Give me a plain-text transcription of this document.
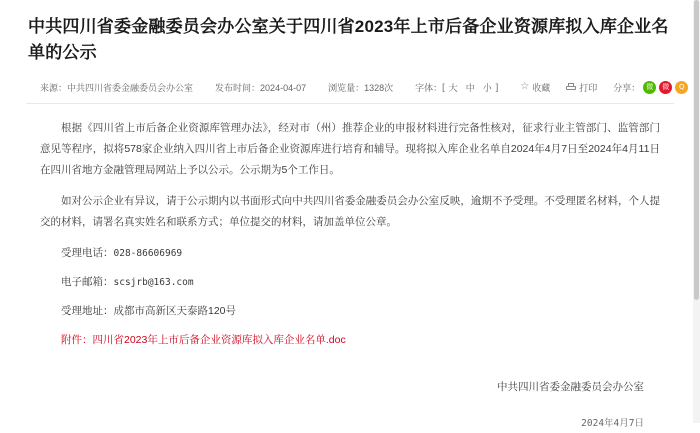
中共四川省委金融委员会办公室关于四川省2023年上市后备企业资源库拟入库企业名单的公示
来源：中共四川省委金融委员会办公室 发布时间：2024-04-07 浏览量：1328次 字体： [ 大 中 小 ] ☆ 收藏	打印 分享： 微	微	Q

根据《四川省上市后备企业资源库管理办法》，经对市（州）推荐企业的申报材料进行完备性核对，征求行业主管部门、监管部门意见等程序，拟将578家企业纳入四川省上市后备企业资源库进行培育和辅导。现将拟入库企业名单自2024年4月7日至2024年4月11日在四川省地方金融管理局网站上予以公示。公示期为5个工作日。

如对公示企业有异议，请于公示期内以书面形式向中共四川省委金融委员会办公室反映，逾期不予受理。不受理匿名材料，个人提交的材料，请署名真实姓名和联系方式；单位提交的材料，请加盖单位公章。

受理电话：028-86606969

电子邮箱：scsjrb@163.com

受理地址：成都市高新区天泰路120号

附件：四川省2023年上市后备企业资源库拟入库企业名单.doc

中共四川省委金融委员会办公室
2024年4月7日
